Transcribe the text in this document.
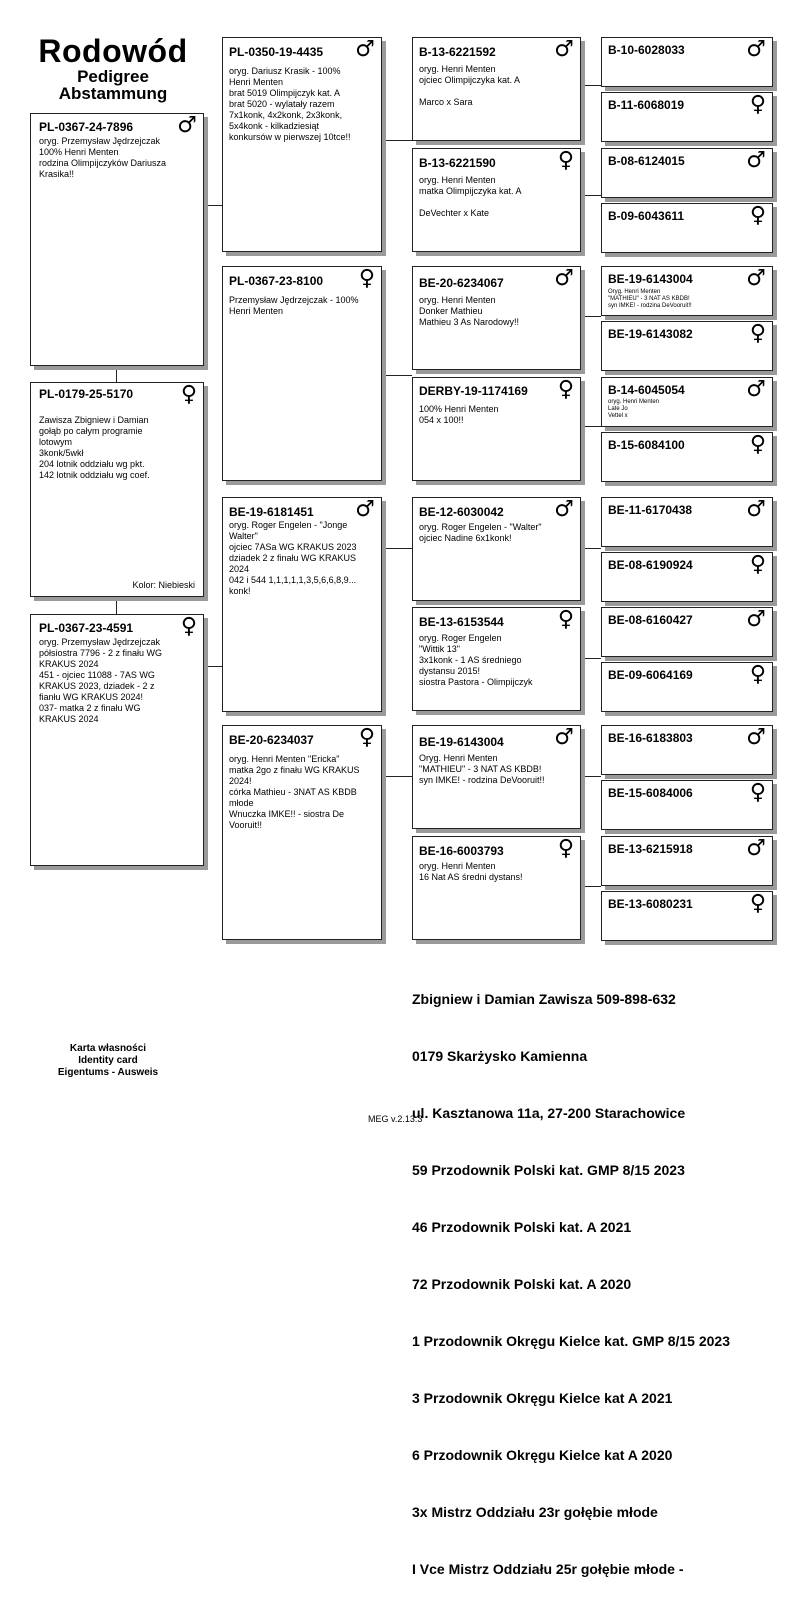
Rodowód
Pedigree
Abstammung
PL-0367-24-7896 ♂
oryg. Przemysław Jędrzejczak
100% Henri Menten
rodzina Olimpijczyków Dariusza Krasika!!
PL-0179-25-5170 ♀
Zawisza Zbigniew i Damian
gołąb po całym programie
lotowym
3konk/5wkł
204 lotnik oddziału wg pkt.
142 lotnik oddziału wg coef.
Kolor: Niebieski
PL-0367-23-4591 ♀
oryg. Przemysław Jędrzejczak
półsiostra 7796 - 2 z finału WG
KRAKUS 2024
451 - ojciec 11088 - 7AS WG
KRAKUS 2023, dziadek - 2 z
fianłu WG KRAKUS 2024!
037- matka 2 z finału WG
KRAKUS 2024
PL-0350-19-4435 ♂
oryg. Dariusz Krasik - 100%
Henri Menten
brat 5019 Olimpijczyk kat. A
brat 5020 - wylatały razem
7x1konk, 4x2konk, 2x3konk,
5x4konk - kilkadziesiąt
konkursów w pierwszej 10tce!!
PL-0367-23-8100 ♀
Przemysław Jędrzejczak - 100%
Henri Menten
BE-19-6181451 ♂
oryg. Roger Engelen - "Jonge
Walter"
ojciec 7ASa WG KRAKUS 2023
dziadek 2 z finału WG KRAKUS
2024
042 i 544 1,1,1,1,1,3,5,6,6,8,9...
konk!
BE-20-6234037 ♀
oryg. Henri Menten "Ericka"
matka 2go z finału WG KRAKUS
2024!
córka Mathieu - 3NAT AS KBDB
młode
Wnuczka IMKE!! - siostra De
Vooruit!!
B-13-6221592	♂
oryg. Henri Menten
ojciec Olimpijczyka kat. A

Marco x Sara
B-13-6221590	♀
oryg. Henri Menten
matka Olimpijczyka kat. A

DeVechter x Kate
BE-20-6234067 ♂
oryg. Henri Menten
Donker Mathieu
Mathieu 3 As Narodowy!!
DERBY-19-1174169 ♀
100% Henri Menten
054 x 100!!
BE-12-6030042 ♂
oryg. Roger Engelen - "Walter"
ojciec Nadine 6x1konk!
BE-13-6153544 ♀
oryg. Roger Engelen
"Wittik 13"
3x1konk - 1 AS średniego
dystansu 2015!
siostra Pastora - Olimpijczyk
BE-19-6143004 ♂
Oryg. Henri Menten
"MATHIEU" - 3 NAT AS KBDB!
syn IMKE! - rodzina DeVooruit!!
BE-16-6003793 ♀
oryg. Henri Menten
16 Nat AS średni dystans!
B-10-6028033	♂
B-11-6068019	♀
B-08-6124015	♂
B-09-6043611	♀
BE-19-6143004 ♂
Oryg. Henri Menten
"MATHIEU" - 3 NAT AS KBDB!
syn IMKE! - rodzina DeVooruit!!
BE-19-6143082	♀
B-14-6045054	♂
oryg. Henri Menten
Late Jo
Vettel x
B-15-6084100	♀
BE-11-6170438 ♂
BE-08-6190924	♀
BE-08-6160427 ♂
BE-09-6064169	♀
BE-16-6183803 ♂
BE-15-6084006	♀
BE-13-6215918 ♂
BE-13-6080231	♀

Zbigniew i Damian Zawisza 509-898-632

0179 Skarżysko Kamienna

ul. Kasztanowa 11a, 27-200 Starachowice

59 Przodownik Polski kat. GMP 8/15 2023

46 Przodownik Polski kat. A 2021

72 Przodownik Polski kat. A 2020

1 Przodownik Okręgu Kielce kat. GMP 8/15 2023

3 Przodownik Okręgu Kielce kat A 2021

6 Przodownik Okręgu Kielce kat A 2020

3x Mistrz Oddziału 23r gołębie młode

I Vce Mistrz Oddziału 25r gołębie młode -

Karta własności
Identity card
Eigentums - Ausweis
MEG v.2.13.3
